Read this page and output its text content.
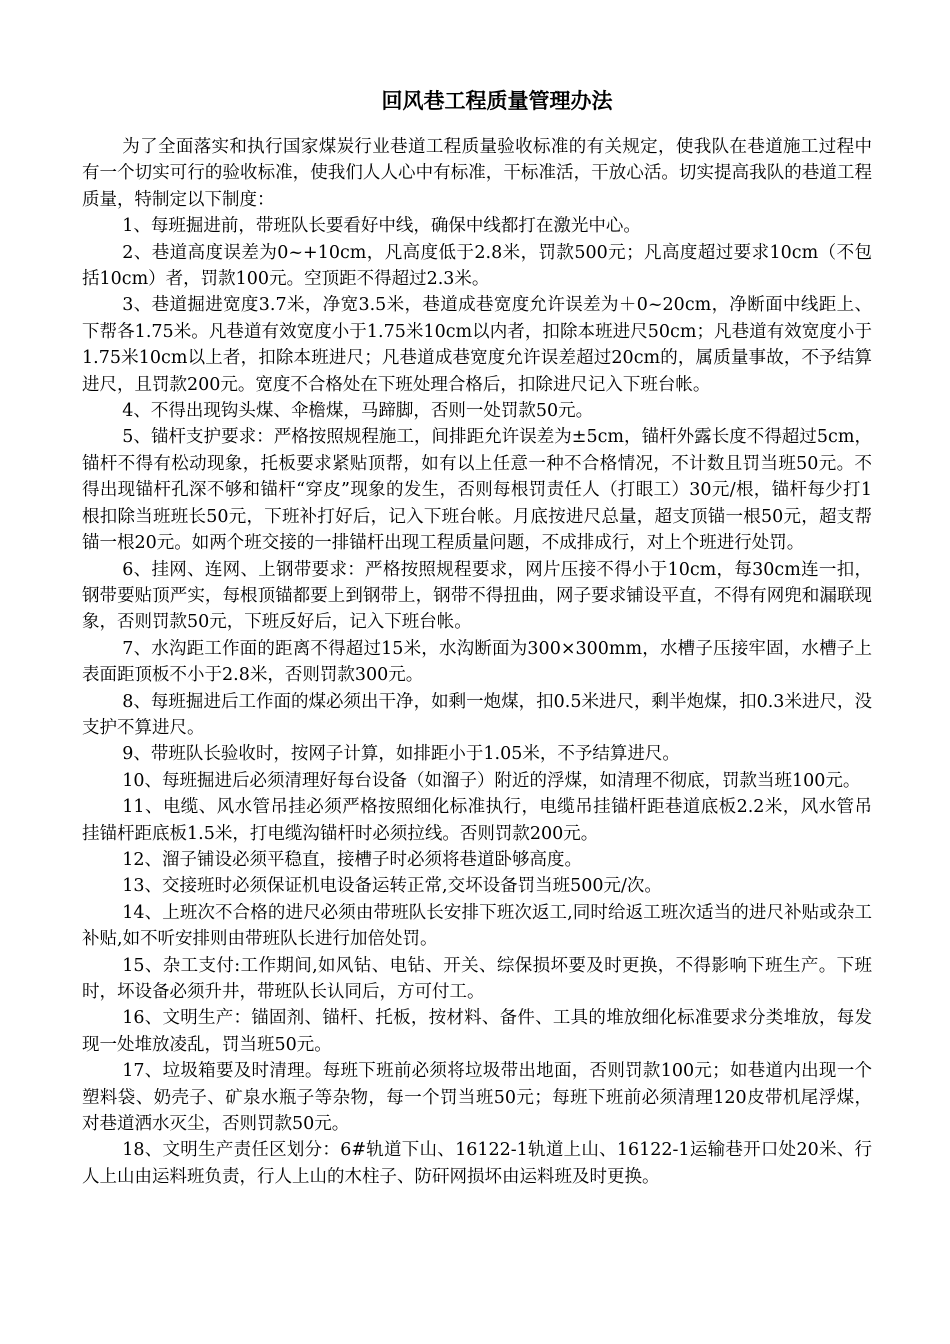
回风巷工程质量管理办法

为了全面落实和执行国家煤炭行业巷道工程质量验收标准的有关规定，使我队在巷道施工过程中有一个切实可行的验收标准，使我们人人心中有标准，干标准活，干放心活。切实提高我队的巷道工程质量，特制定以下制度：

1、每班掘进前，带班队长要看好中线，确保中线都打在激光中心。

2、巷道高度误差为0~+10cm，凡高度低于2.8米，罚款500元；凡高度超过要求10cm（不包括10cm）者，罚款100元。空顶距不得超过2.3米。

3、巷道掘进宽度3.7米，净宽3.5米，巷道成巷宽度允许误差为＋0~20cm，净断面中线距上、下帮各1.75米。凡巷道有效宽度小于1.75米10cm以内者，扣除本班进尺50cm；凡巷道有效宽度小于1.75米10cm以上者，扣除本班进尺；凡巷道成巷宽度允许误差超过20cm的，属质量事故，不予结算进尺，且罚款200元。宽度不合格处在下班处理合格后，扣除进尺记入下班台帐。

4、不得出现钩头煤、伞檐煤，马蹄脚，否则一处罚款50元。

5、锚杆支护要求：严格按照规程施工，间排距允许误差为±5cm，锚杆外露长度不得超过5cm，锚杆不得有松动现象，托板要求紧贴顶帮，如有以上任意一种不合格情况，不计数且罚当班50元。不得出现锚杆孔深不够和锚杆“穿皮”现象的发生，否则每根罚责任人（打眼工）30元/根，锚杆每少打1根扣除当班班长50元，下班补打好后，记入下班台帐。月底按进尺总量，超支顶锚一根50元，超支帮锚一根20元。如两个班交接的一排锚杆出现工程质量问题，不成排成行，对上个班进行处罚。

6、挂网、连网、上钢带要求：严格按照规程要求，网片压接不得小于10cm，每30cm连一扣，钢带要贴顶严实，每根顶锚都要上到钢带上，钢带不得扭曲，网子要求铺设平直，不得有网兜和漏联现象，否则罚款50元，下班反好后，记入下班台帐。

7、水沟距工作面的距离不得超过15米，水沟断面为300×300mm，水槽子压接牢固，水槽子上表面距顶板不小于2.8米，否则罚款300元。

8、每班掘进后工作面的煤必须出干净，如剩一炮煤，扣0.5米进尺，剩半炮煤，扣0.3米进尺，没支护不算进尺。

9、带班队长验收时，按网子计算，如排距小于1.05米，不予结算进尺。

10、每班掘进后必须清理好每台设备（如溜子）附近的浮煤，如清理不彻底，罚款当班100元。

11、电缆、风水管吊挂必须严格按照细化标准执行，电缆吊挂锚杆距巷道底板2.2米，风水管吊挂锚杆距底板1.5米，打电缆沟锚杆时必须拉线。否则罚款200元。

12、溜子铺设必须平稳直，接槽子时必须将巷道卧够高度。

13、交接班时必须保证机电设备运转正常,交坏设备罚当班500元/次。

14、上班次不合格的进尺必须由带班队长安排下班次返工,同时给返工班次适当的进尺补贴或杂工补贴,如不听安排则由带班队长进行加倍处罚。

15、杂工支付:工作期间,如风钻、电钻、开关、综保损坏要及时更换，不得影响下班生产。下班时，坏设备必须升井，带班队长认同后，方可付工。

16、文明生产：锚固剂、锚杆、托板，按材料、备件、工具的堆放细化标准要求分类堆放，每发现一处堆放凌乱，罚当班50元。

17、垃圾箱要及时清理。每班下班前必须将垃圾带出地面，否则罚款100元；如巷道内出现一个塑料袋、奶壳子、矿泉水瓶子等杂物，每一个罚当班50元；每班下班前必须清理120皮带机尾浮煤，对巷道洒水灭尘，否则罚款50元。

18、文明生产责任区划分：6#轨道下山、16122-1轨道上山、16122-1运输巷开口处20米、行人上山由运料班负责，行人上山的木柱子、防矸网损坏由运料班及时更换。
